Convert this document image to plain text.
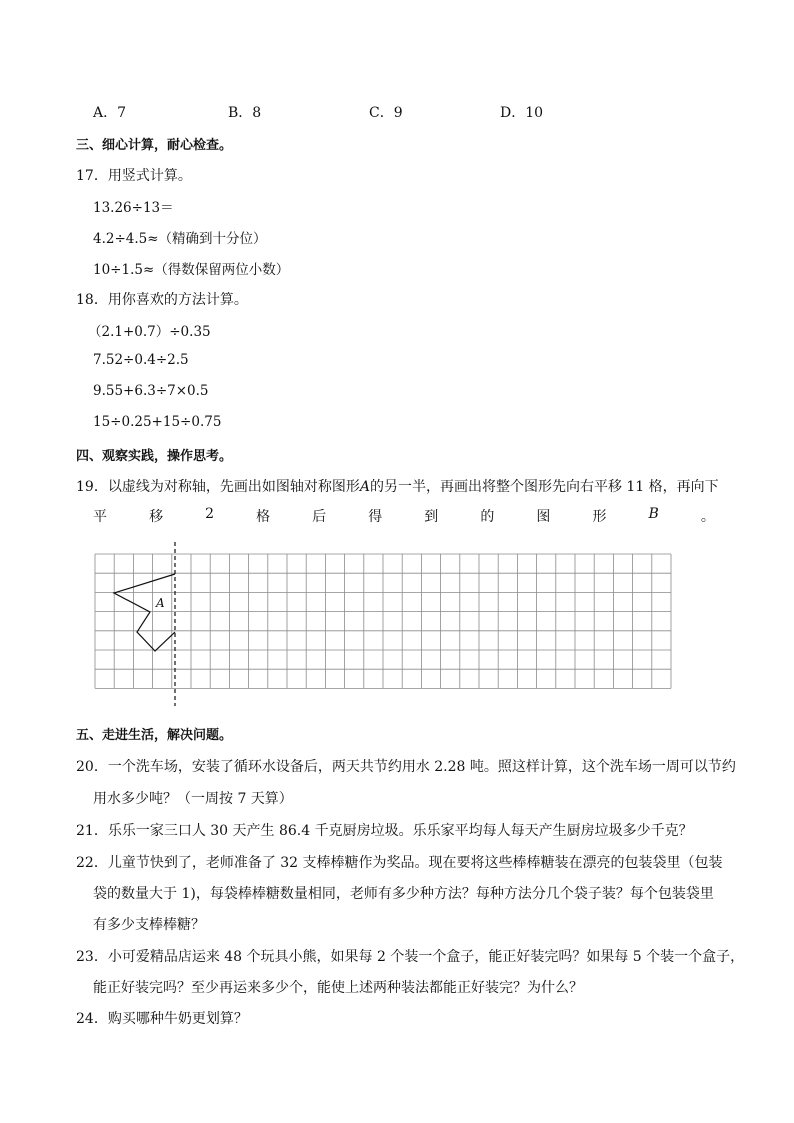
A．7	B．8	C．9	D．10
三、细心计算，耐心检查。
17．用竖式计算。
13.26÷13＝
4.2÷4.5≈（精确到十分位）
10÷1.5≈（得数保留两位小数）
18．用你喜欢的方法计算。
（2.1+0.7）÷0.35
7.52÷0.4÷2.5
9.55+6.3÷7×0.5
15÷0.25+15÷0.75
四、观察实践，操作思考。
19．以虚线为对称轴，先画出如图轴对称图形A的另一半，再画出将整个图形先向右平移 11 格，再向下
平	移	2	格	后	得	到	的	图	形	B	。
A
五、走进生活，解决问题。
20．一个洗车场，安装了循环水设备后，两天共节约用水 2.28 吨。照这样计算，这个洗车场一周可以节约
用水多少吨？（一周按 7 天算）
21．乐乐一家三口人 30 天产生 86.4 千克厨房垃圾。乐乐家平均每人每天产生厨房垃圾多少千克？
22．儿童节快到了，老师准备了 32 支棒棒糖作为奖品。现在要将这些棒棒糖装在漂亮的包装袋里（包装
袋的数量大于 1)，每袋棒棒糖数量相同，老师有多少种方法？每种方法分几个袋子装？每个包装袋里
有多少支棒棒糖？
23．小可爱精品店运来 48 个玩具小熊，如果每 2 个装一个盒子，能正好装完吗？如果每 5 个装一个盒子，
能正好装完吗？至少再运来多少个，能使上述两种装法都能正好装完？为什么？
24．购买哪种牛奶更划算？
